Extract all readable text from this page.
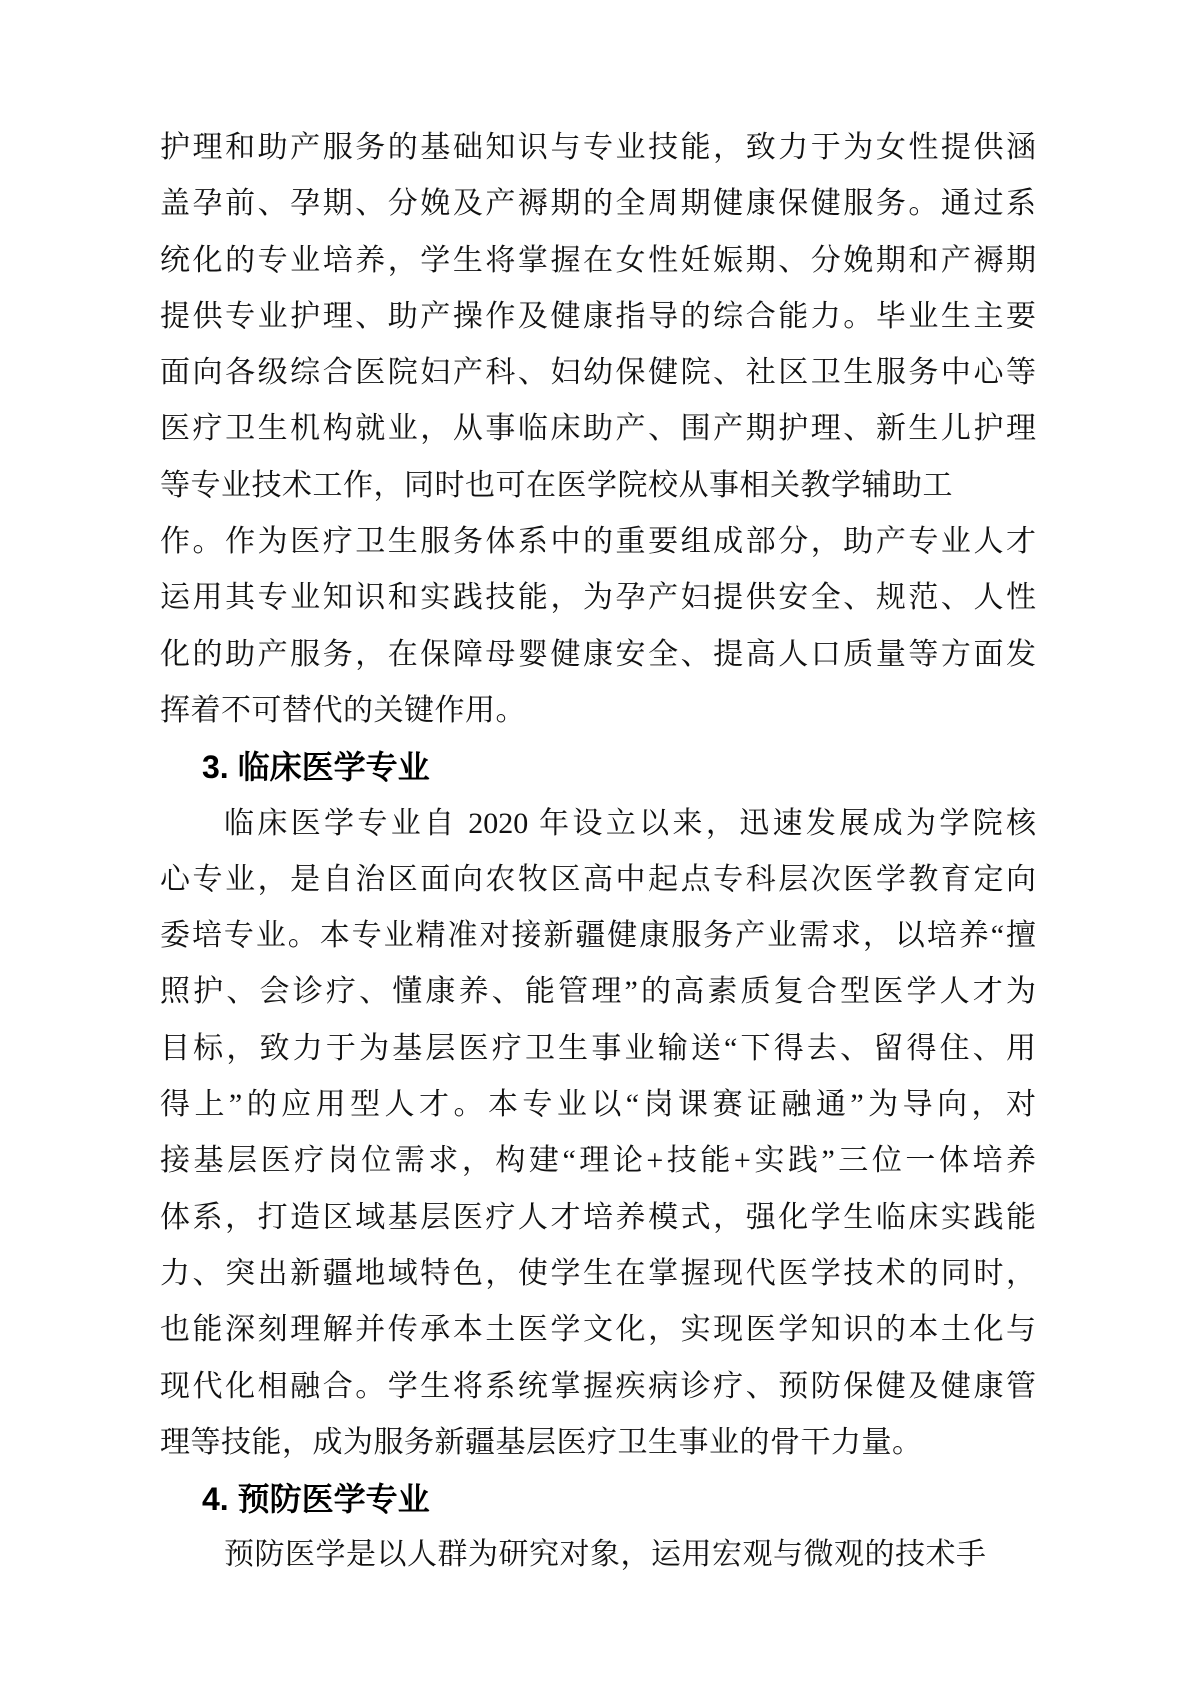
护理和助产服务的基础知识与专业技能，致力于为女性提供涵
盖孕前、孕期、分娩及产褥期的全周期健康保健服务。通过系
统化的专业培养，学生将掌握在女性妊娠期、分娩期和产褥期
提供专业护理、助产操作及健康指导的综合能力。毕业生主要
面向各级综合医院妇产科、妇幼保健院、社区卫生服务中心等
医疗卫生机构就业，从事临床助产、围产期护理、新生儿护理
等专业技术工作，同时也可在医学院校从事相关教学辅助工
作。作为医疗卫生服务体系中的重要组成部分，助产专业人才
运用其专业知识和实践技能，为孕产妇提供安全、规范、人性
化的助产服务，在保障母婴健康安全、提高人口质量等方面发
挥着不可替代的关键作用。
3. 临床医学专业
临床医学专业自 2020 年设立以来，迅速发展成为学院核
心专业，是自治区面向农牧区高中起点专科层次医学教育定向
委培专业。本专业精准对接新疆健康服务产业需求，以培养“擅
照护、会诊疗、懂康养、能管理”的高素质复合型医学人才为
目标，致力于为基层医疗卫生事业输送“下得去、留得住、用
得上”的应用型人才。本专业以“岗课赛证融通”为导向，对
接基层医疗岗位需求，构建“理论+技能+实践”三位一体培养
体系，打造区域基层医疗人才培养模式，强化学生临床实践能
力、突出新疆地域特色，使学生在掌握现代医学技术的同时，
也能深刻理解并传承本土医学文化，实现医学知识的本土化与
现代化相融合。学生将系统掌握疾病诊疗、预防保健及健康管
理等技能，成为服务新疆基层医疗卫生事业的骨干力量。
4. 预防医学专业
预防医学是以人群为研究对象，运用宏观与微观的技术手
